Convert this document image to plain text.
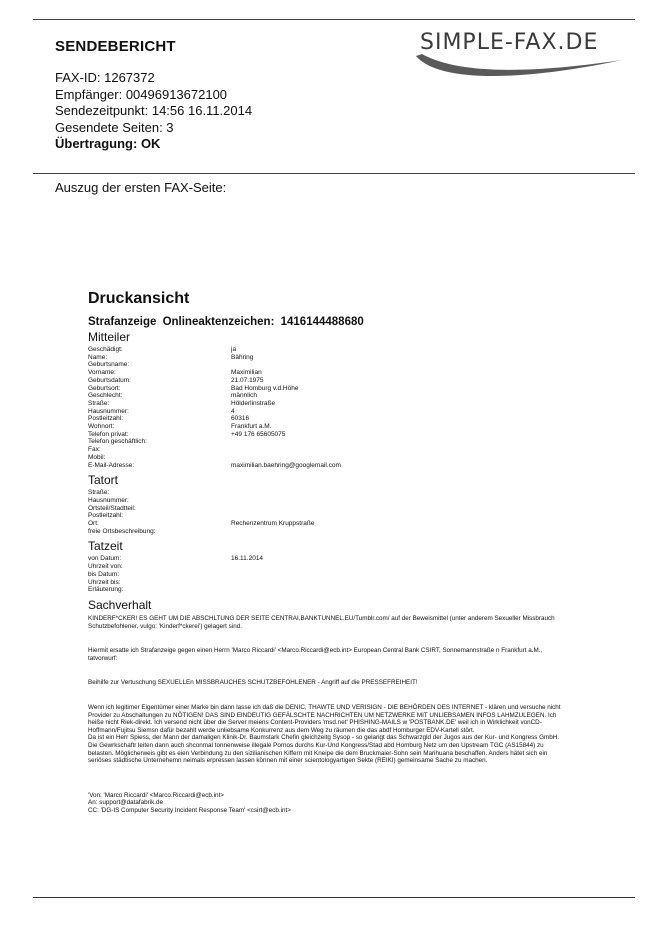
SENDEBERICHT	SIMPLE-FAX.DE
FAX-ID: 1267372
Empfänger: 00496913672100
Sendezeitpunkt: 14:56 16.11.2014
Gesendete Seiten: 3
Übertragung: OK
Auszug der ersten FAX-Seite:
Druckansicht
Strafanzeige Onlineaktenzeichen: 1416144488680
Mitteiler
Geschädigt:	ja
Name:	Bähring
Geburtsname:
Vorname:	Maximilian
Geburtsdatum:	21.07.1975
Geburtsort:	Bad Homburg v.d.Höhe
Geschlecht:	männlich
Straße:	Hölderlinstraße
Hausnummer:	4
Postleitzahl:	60316
Wohnort:	Frankfurt a.M.
Telefon privat:	+49 176 65605075
Telefon geschäftlich:
Fax:
Mobil:
E-Mail-Adresse:	maximilian.baehring@googlemail.com
Tatort
Straße:
Hausnummer:
Ortsteil/Stadtteil:
Postleitzahl:
Ort:	Rechenzentrum Kruppstraße
freie Ortsbeschreibung:
Tatzeit
von Datum:	16.11.2014
Uhrzeit von:
bis Datum:
Uhrzeit bis:
Erläuterung:
Sachverhalt
KINDERF*CKER! ES GEHT UM DIE ABSCHLTUNG DER SEITE CENTRAI.BANKTUNNEL.EU/Tumblr.com/ auf der Beweismittel (unter anderem Sexueller Missbrauch Schutzbefohlener, vulgo: 'Kinderf*ckerei') gelagert sind.
Hiermit ersatte ich Strafanzeige gegen einen Herrn 'Marco Riccardi' <Marco.Riccardi@ecb.int> European Central Bank CSIRT, Sonnemannstraße n Frankfurt a.M., tatvorwurf:
Beihilfe zur Vertuschung SEXUELLEn MISSBRAUCHES SCHUTZBEFOHLENER - Angriff auf die PRESSEFREIHEIT!
Wenn ich legitimer Eigentümer einer Marke bin dann lasse ich daß die DENIC, THAWTE UND VERISIGN - DIE BEHÖRDEN DES INTERNET - klären und versuche nicht Provider zu Abschaltungen zu NÖTIGEN! DAS SIND EINDEUTIG GEFÄLSCHTE NACHRICHTEN UM NETZWERKE MIT UNLIEBSAMEN INFOS LAHMZULEGEN. Ich heiße nicht Riek-direkt. Ich versend nicht über die Server meiens Content-Providers 'msd.net' PHISHING-MAILS w 'POSTBANK.DE' weil ich in Wirklichkeit vonCD-Hoffmann/Fujitsu Siemsn dafür bezahlt werde unliebsame Konkurrenz aus dem Weg zu räumen die das abdf Homburger EDV-Kartell stört.
Da ist ein Herr Spiess, der Mann der damaligen Klinik-Dr. Baumstark Chefin gleichzeitg Sysop - so gelangt das Schwarzgld der Jugos aus der Kur- und Kongress GmbH. Die Gewrkschaftr leiten dann auch shconmal tonnenweise illegale Pornos durchs Kur-Und Kongress/Stad abd Homburg Netz um den Upstream TGC (AS15844) zu belasten. Möglicherweis gibt es eien Verbindung zu den sizilianischen Kiffern mit Kneipe die dem Bruckmaier-Sohn sein Marihuana beschaffen. Anders hätet sich ein seriöses städtische Unternehemn neimals erpressen lassen können mit einer scientologyartigen Sekte (REIKI) gemeinsame Sache zu machen.
'Von: 'Marco Riccardi' <Marco.Riccardi@ecb.int>
An: support@datafabrik.de
CC: 'DG-IS Computer Security Incident Response Team' <csirt@ecb.int>
